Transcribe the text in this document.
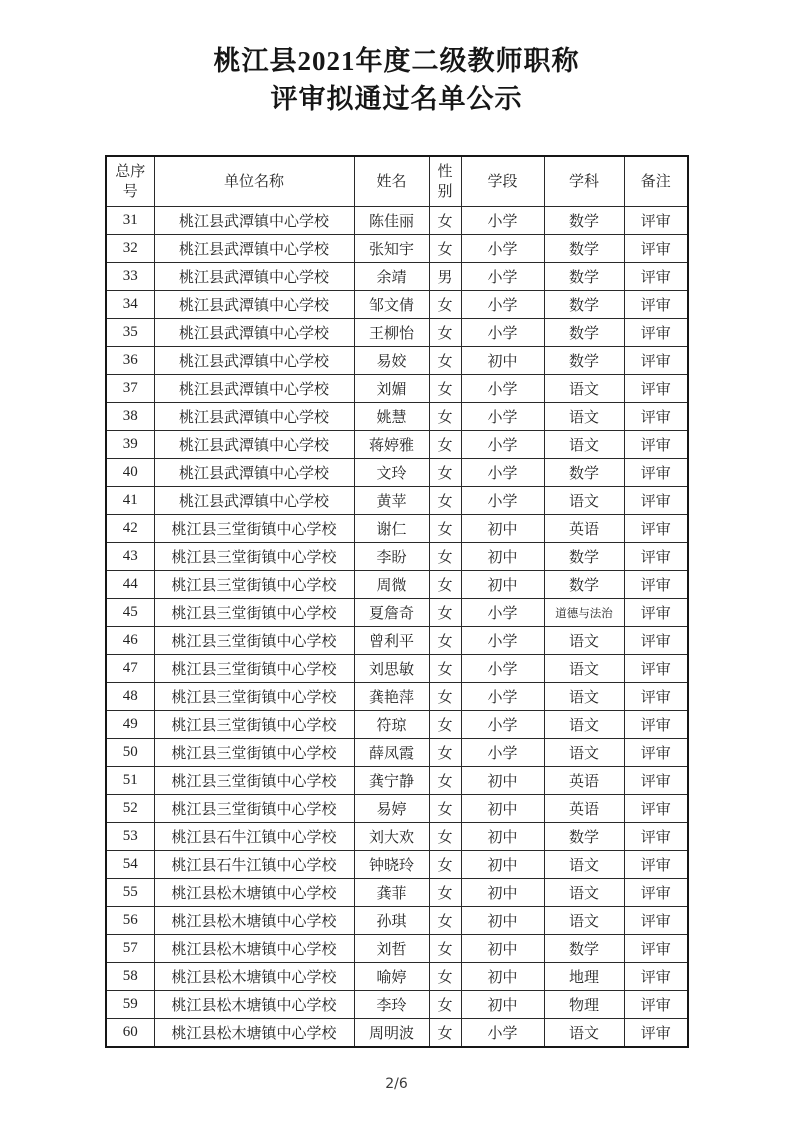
桃江县2021年度二级教师职称
评审拟通过名单公示
总序号	单位名称	姓名	性别	学段	学科	备注
31	桃江县武潭镇中心学校	陈佳丽	女	小学	数学	评审
32	桃江县武潭镇中心学校	张知宇	女	小学	数学	评审
33	桃江县武潭镇中心学校	余靖	男	小学	数学	评审
34	桃江县武潭镇中心学校	邹文倩	女	小学	数学	评审
35	桃江县武潭镇中心学校	王柳怡	女	小学	数学	评审
36	桃江县武潭镇中心学校	易姣	女	初中	数学	评审
37	桃江县武潭镇中心学校	刘媚	女	小学	语文	评审
38	桃江县武潭镇中心学校	姚慧	女	小学	语文	评审
39	桃江县武潭镇中心学校	蒋婷雅	女	小学	语文	评审
40	桃江县武潭镇中心学校	文玲	女	小学	数学	评审
41	桃江县武潭镇中心学校	黄苹	女	小学	语文	评审
42	桃江县三堂街镇中心学校	谢仁	女	初中	英语	评审
43	桃江县三堂街镇中心学校	李盼	女	初中	数学	评审
44	桃江县三堂街镇中心学校	周微	女	初中	数学	评审
45	桃江县三堂街镇中心学校	夏詹奇	女	小学	道德与法治	评审
46	桃江县三堂街镇中心学校	曾利平	女	小学	语文	评审
47	桃江县三堂街镇中心学校	刘思敏	女	小学	语文	评审
48	桃江县三堂街镇中心学校	龚艳萍	女	小学	语文	评审
49	桃江县三堂街镇中心学校	符琼	女	小学	语文	评审
50	桃江县三堂街镇中心学校	薛凤霞	女	小学	语文	评审
51	桃江县三堂街镇中心学校	龚宁静	女	初中	英语	评审
52	桃江县三堂街镇中心学校	易婷	女	初中	英语	评审
53	桃江县石牛江镇中心学校	刘大欢	女	初中	数学	评审
54	桃江县石牛江镇中心学校	钟晓玲	女	初中	语文	评审
55	桃江县松木塘镇中心学校	龚菲	女	初中	语文	评审
56	桃江县松木塘镇中心学校	孙琪	女	初中	语文	评审
57	桃江县松木塘镇中心学校	刘哲	女	初中	数学	评审
58	桃江县松木塘镇中心学校	喻婷	女	初中	地理	评审
59	桃江县松木塘镇中心学校	李玲	女	初中	物理	评审
60	桃江县松木塘镇中心学校	周明波	女	小学	语文	评审
2/6
